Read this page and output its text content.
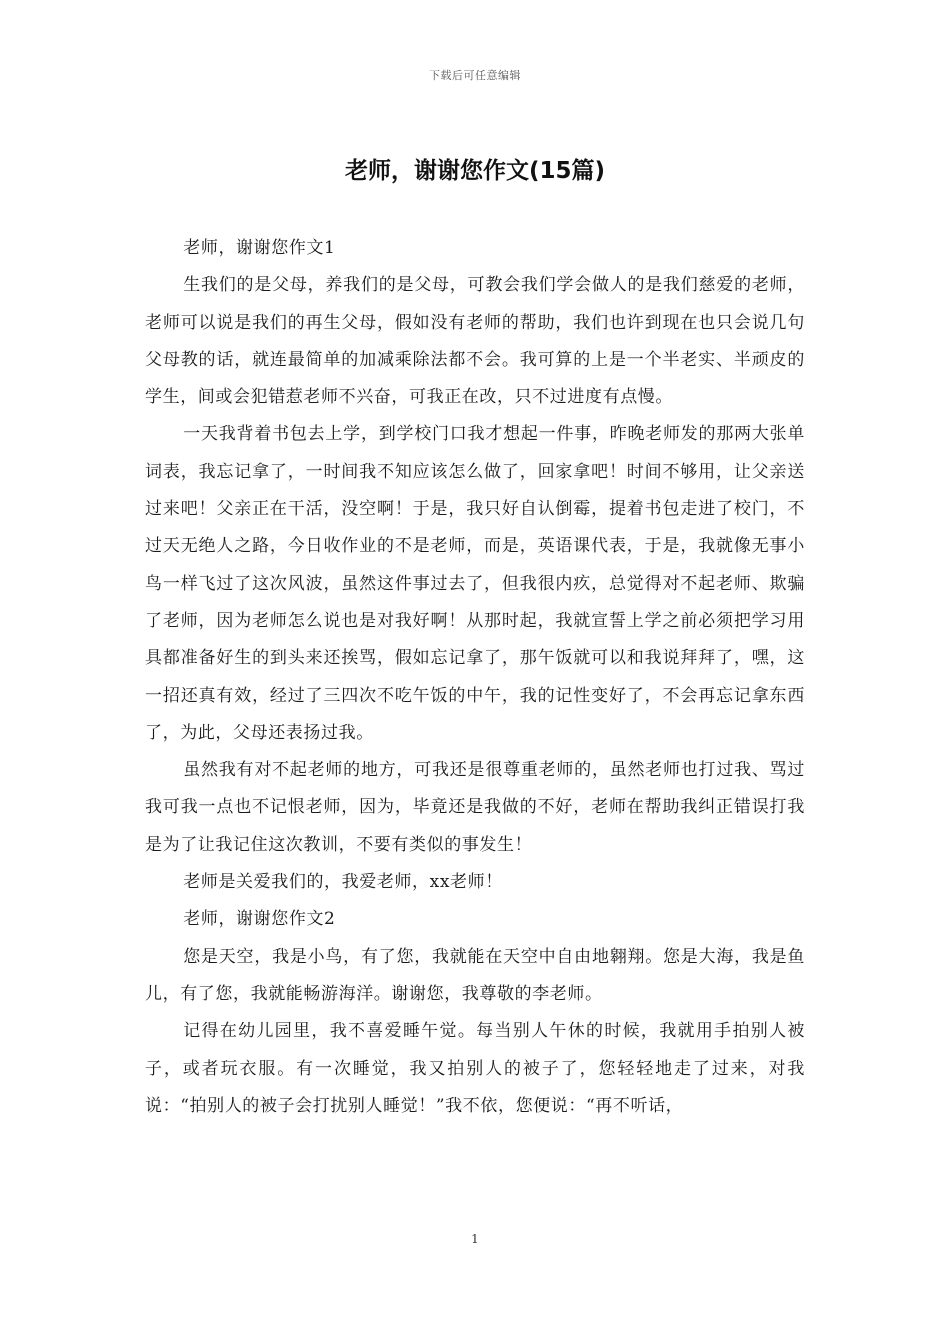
下载后可任意编辑
老师，谢谢您作文(15篇)

老师，谢谢您作文1

生我们的是父母，养我们的是父母，可教会我们学会做人的是我们慈爱的老师，老师可以说是我们的再生父母，假如没有老师的帮助，我们也许到现在也只会说几句父母教的话，就连最简单的加减乘除法都不会。我可算的上是一个半老实、半顽皮的学生，间或会犯错惹老师不兴奋，可我正在改，只不过进度有点慢。

一天我背着书包去上学，到学校门口我才想起一件事，昨晚老师发的那两大张单词表，我忘记拿了，一时间我不知应该怎么做了，回家拿吧！时间不够用，让父亲送过来吧！父亲正在干活，没空啊！于是，我只好自认倒霉，提着书包走进了校门，不过天无绝人之路，今日收作业的不是老师，而是，英语课代表，于是，我就像无事小鸟一样飞过了这次风波，虽然这件事过去了，但我很内疚，总觉得对不起老师、欺骗了老师，因为老师怎么说也是对我好啊！从那时起，我就宣誓上学之前必须把学习用具都准备好生的到头来还挨骂，假如忘记拿了，那午饭就可以和我说拜拜了，嘿，这一招还真有效，经过了三四次不吃午饭的中午，我的记性变好了，不会再忘记拿东西了，为此，父母还表扬过我。

虽然我有对不起老师的地方，可我还是很尊重老师的，虽然老师也打过我、骂过我可我一点也不记恨老师，因为，毕竟还是我做的不好，老师在帮助我纠正错误打我是为了让我记住这次教训，不要有类似的事发生！

老师是关爱我们的，我爱老师，xx老师！

老师，谢谢您作文2

您是天空，我是小鸟，有了您，我就能在天空中自由地翱翔。您是大海，我是鱼儿，有了您，我就能畅游海洋。谢谢您，我尊敬的李老师。

记得在幼儿园里，我不喜爱睡午觉。每当别人午休的时候，我就用手拍别人被子，或者玩衣服。有一次睡觉，我又拍别人的被子了，您轻轻地走了过来，对我说：“拍别人的被子会打扰别人睡觉！”我不依，您便说：“再不听话，

1
